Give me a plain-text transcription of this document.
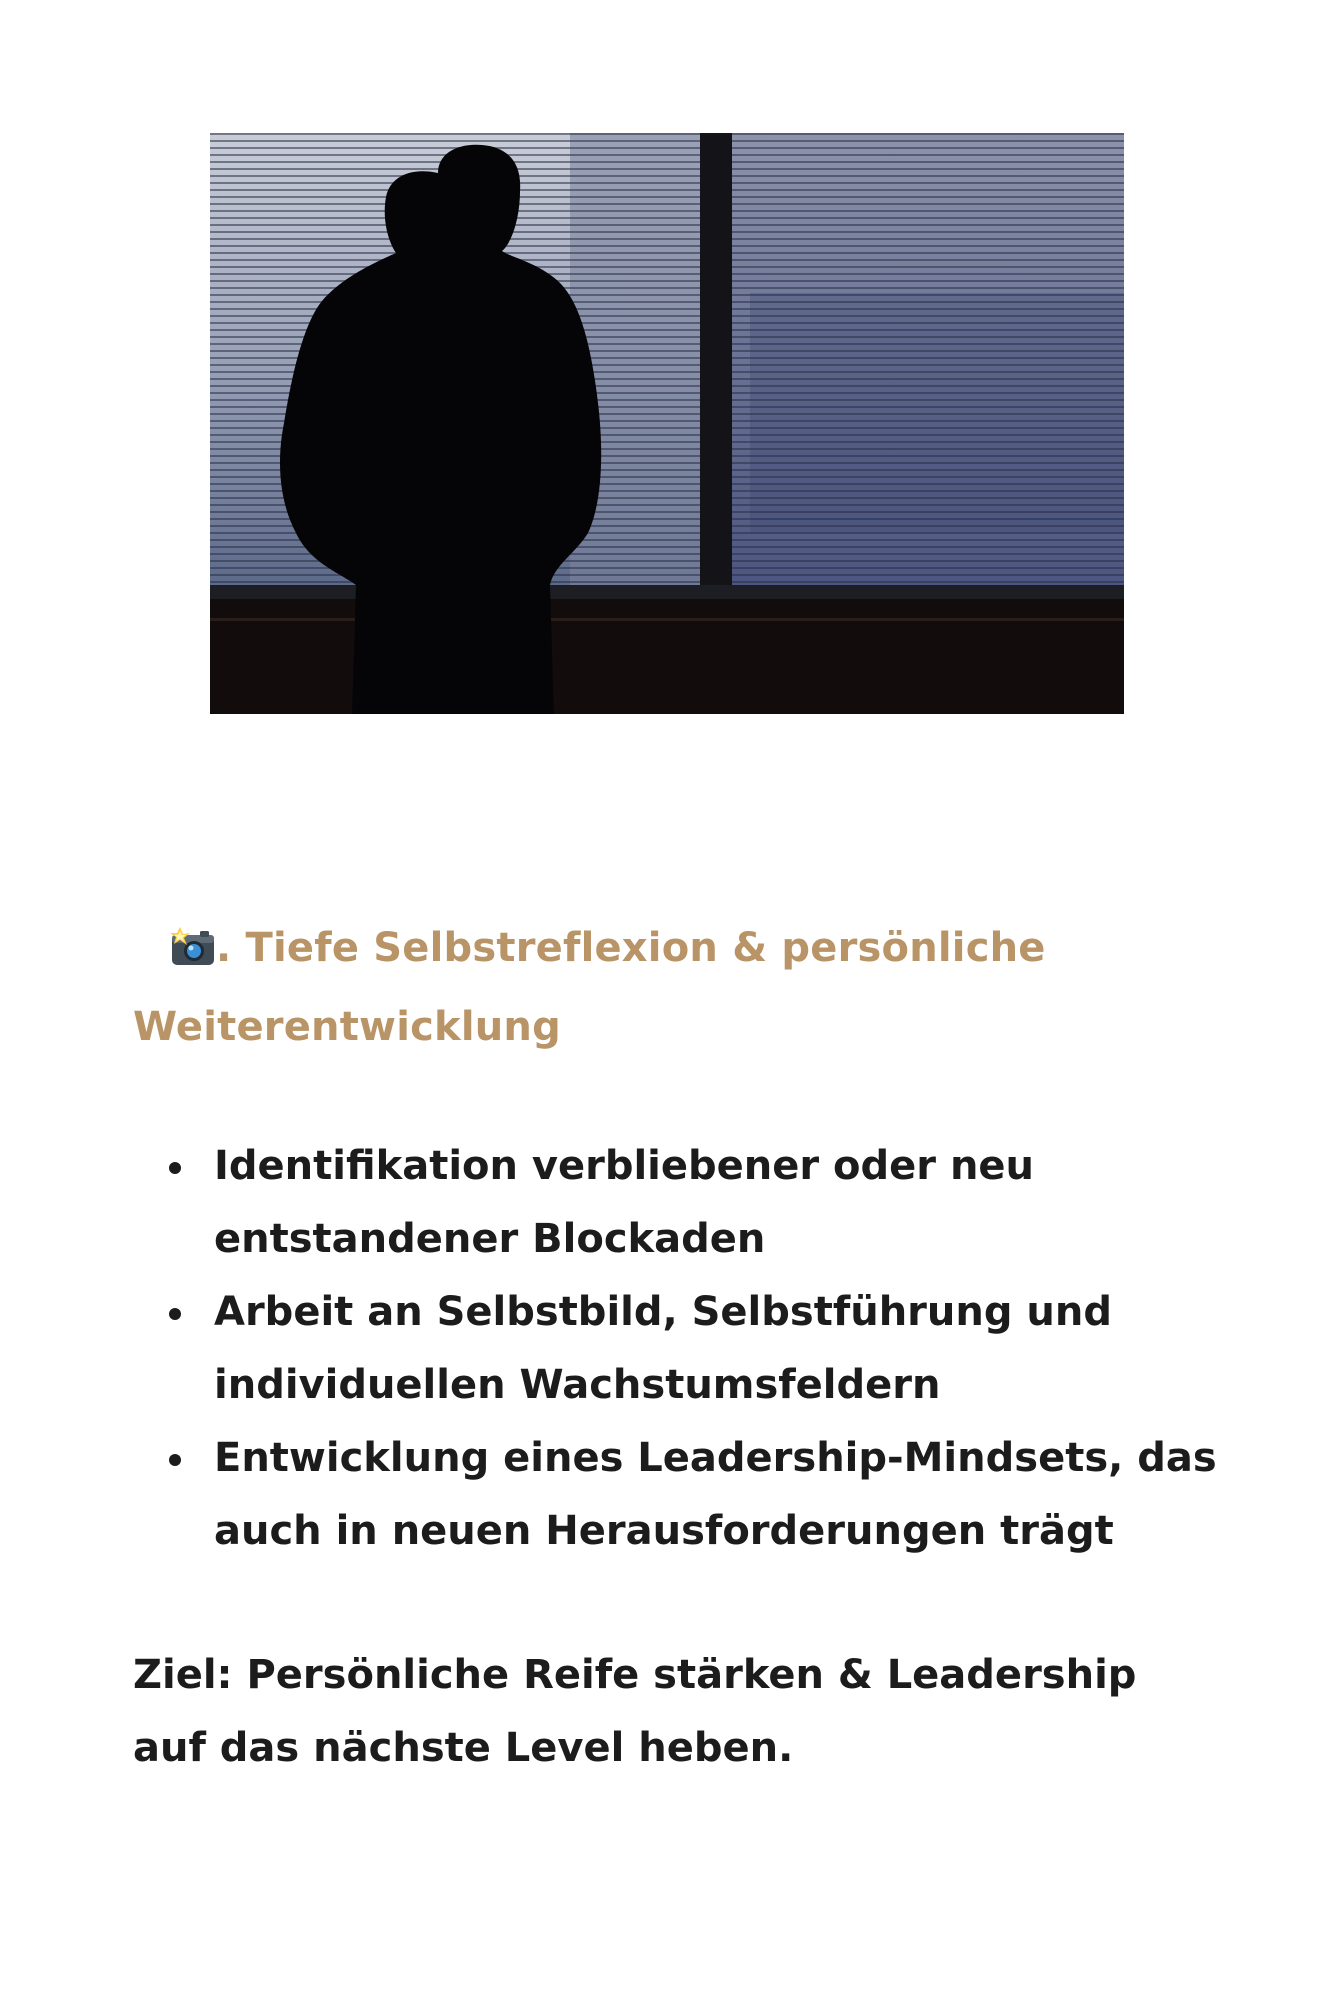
. Tiefe Selbstreflexion & persönliche Weiterentwicklung
Identifikation verbliebener oder neu entstandener Blockaden
Arbeit an Selbstbild, Selbstführung und individuellen Wachstumsfeldern
Entwicklung eines Leadership-Mindsets, das auch in neuen Herausforderungen trägt

Ziel: Persönliche Reife stärken & Leadership auf das nächste Level heben.
